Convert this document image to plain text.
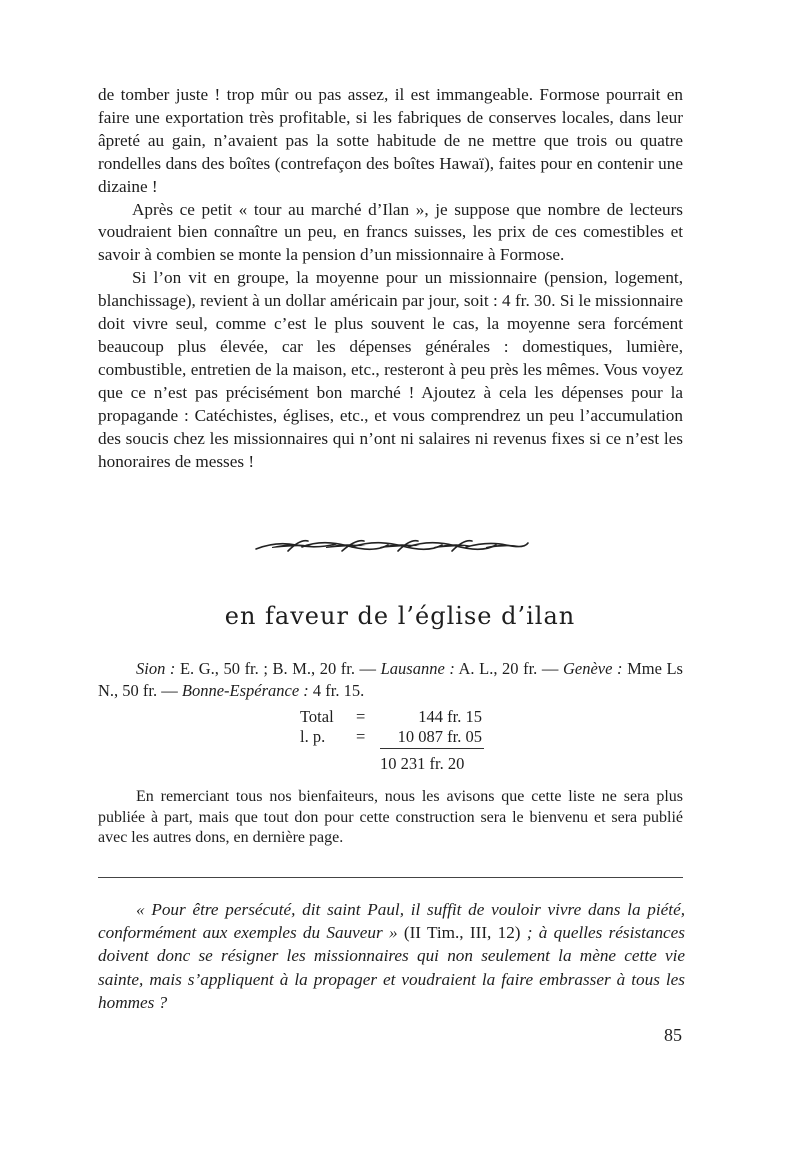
de tomber juste ! trop mûr ou pas assez, il est immangeable. Formose pourrait en faire une exportation très profitable, si les fabriques de conserves locales, dans leur âpreté au gain, n’avaient pas la sotte habitude de ne mettre que trois ou quatre rondelles dans des boîtes (contrefaçon des boîtes Hawaï), faites pour en contenir une dizaine !

Après ce petit « tour au marché d’Ilan », je suppose que nombre de lecteurs voudraient bien connaître un peu, en francs suisses, les prix de ces comestibles et savoir à combien se monte la pension d’un missionnaire à Formose.

Si l’on vit en groupe, la moyenne pour un missionnaire (pension, logement, blanchissage), revient à un dollar américain par jour, soit : 4 fr. 30. Si le missionnaire doit vivre seul, comme c’est le plus souvent le cas, la moyenne sera forcément beaucoup plus élevée, car les dépenses générales : domestiques, lumière, combustible, entretien de la maison, etc., resteront à peu près les mêmes. Vous voyez que ce n’est pas précisément bon marché ! Ajoutez à cela les dépenses pour la propagande : Catéchistes, églises, etc., et vous comprendrez un peu l’accumulation des soucis chez les missionnaires qui n’ont ni salaires ni revenus fixes si ce n’est les honoraires de messes !

en faveur de l’église d’ilan

Sion : E. G., 50 fr. ; B. M., 20 fr. — Lausanne : A. L., 20 fr. — Genève : Mme Ls N., 50 fr. — Bonne-Espérance : 4 fr. 15.

Total =	144 fr. 15
l. p. = 10 087 fr. 05
10 231 fr. 20

En remerciant tous nos bienfaiteurs, nous les avisons que cette liste ne sera plus publiée à part, mais que tout don pour cette construction sera le bienvenu et sera publié avec les autres dons, en dernière page.

« Pour être persécuté, dit saint Paul, il suffit de vouloir vivre dans la piété, conformément aux exemples du Sauveur » (II Tim., III, 12) ; à quelles résistances doivent donc se résigner les missionnaires qui non seulement la mène cette vie sainte, mais s’appliquent à la propager et voudraient la faire embrasser à tous les hommes ?

85
